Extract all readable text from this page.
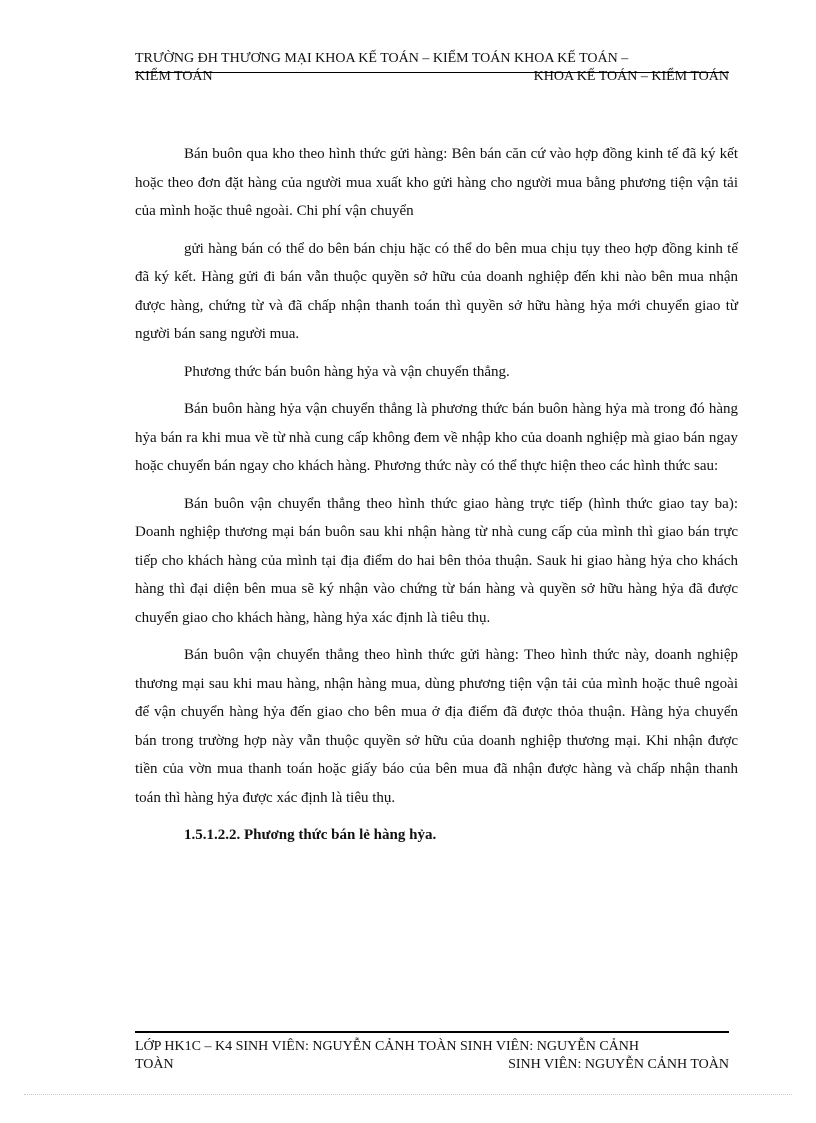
TRƯỜNG ĐH THƯƠNG MẠI KHOA KẾ TOÁN – KIỂM TOÁN KHOA KẾ TOÁN –
KIỂM TOÁN	KHOA KẾ TOÁN – KIỂM TOÁN

Bán buôn qua kho theo hình thức gửi hàng: Bên bán căn cứ vào hợp đồng kinh tế đã ký kết hoặc theo đơn đặt hàng của người mua xuất kho gửi hàng cho người mua bằng phương tiện vận tải của mình hoặc thuê ngoài. Chi phí vận chuyển

gửi hàng bán có thể do bên bán chịu hặc có thể do bên mua chịu tụy theo hợp đồng kinh tế đã ký kết. Hàng gửi đi bán vẫn thuộc quyền sở hữu của doanh nghiệp đến khi nào bên mua nhận được hàng, chứng từ và đã chấp nhận thanh toán thì quyền sở hữu hàng hỷa mới chuyển giao từ người bán sang người mua.

Phương thức bán buôn hàng hỷa và vận chuyển thẳng.

Bán buôn hàng hỷa vận chuyển thẳng là phương thức bán buôn hàng hỷa mà trong đó hàng hỷa bán ra khi mua về từ nhà cung cấp không đem về nhập kho của doanh nghiệp mà giao bán ngay hoặc chuyển bán ngay cho khách hàng. Phương thức này có thể thực hiện theo các hình thức sau:

Bán buôn vận chuyển thẳng theo hình thức giao hàng trực tiếp (hình thức giao tay ba): Doanh nghiệp thương mại bán buôn sau khi nhận hàng từ nhà cung cấp của mình thì giao bán trực tiếp cho khách hàng của mình tại địa điểm do hai bên thỏa thuận. Sauk hi giao hàng hỷa cho khách hàng thì đại diện bên mua sẽ ký nhận vào chứng từ bán hàng và quyền sở hữu hàng hỷa đã được chuyển giao cho khách hàng, hàng hỷa xác định là tiêu thụ.

Bán buôn vận chuyển thẳng theo hình thức gửi hàng: Theo hình thức này, doanh nghiệp thương mại sau khi mau hàng, nhận hàng mua, dùng phương tiện vận tải của mình hoặc thuê ngoài để vận chuyển hàng hỷa đến giao cho bên mua ở địa điểm đã được thỏa thuận. Hàng hỷa chuyển bán trong trường hợp này vẫn thuộc quyền sở hữu của doanh nghiệp thương mại. Khi nhận được tiền của vờn mua thanh toán hoặc giấy báo của bên mua đã nhận được hàng và chấp nhận thanh toán thì hàng hỷa được xác định là tiêu thụ.

1.5.1.2.2. Phương thức bán lẻ hàng hỷa.

LỚP HK1C – K4 SINH VIÊN: NGUYỄN CẢNH TOÀN SINH VIÊN: NGUYỄN CẢNH
TOÀN	SINH VIÊN: NGUYỄN CẢNH TOÀN
